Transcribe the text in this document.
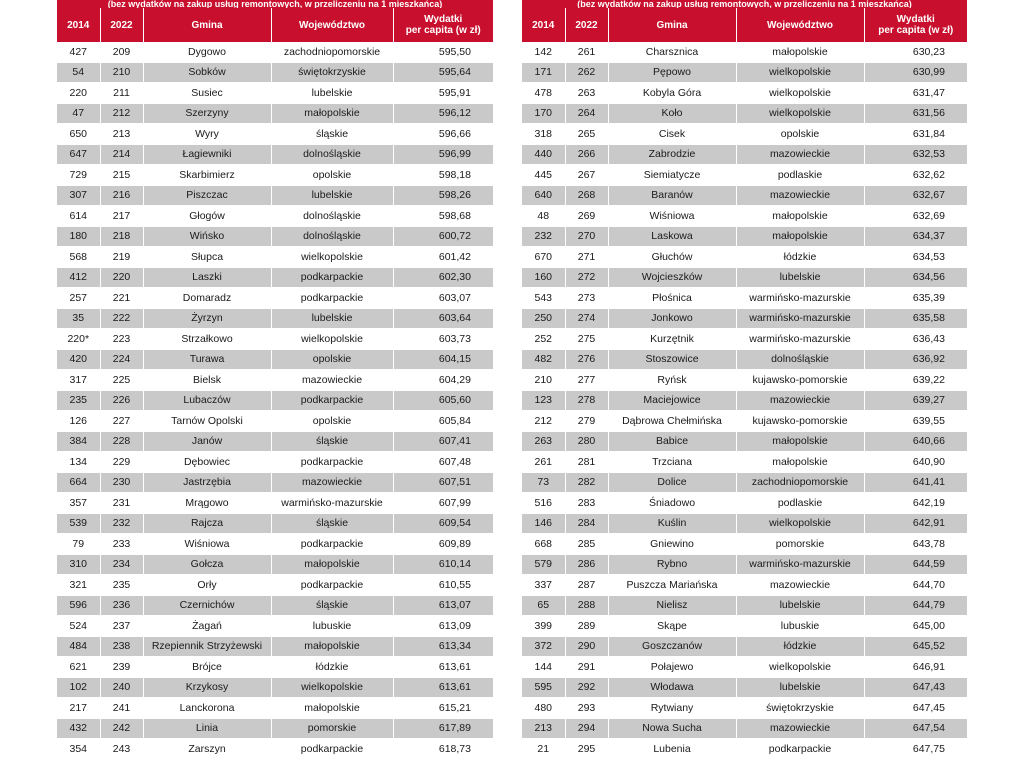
(bez wydatków na zakup usług remontowych, w przeliczeniu na 1 mieszkańca)
2014	2022	Gmina	Województwo	Wydatki
per capita (w zł)
427	209	Dygowo	zachodniopomorskie	595,50
54	210	Sobków	świętokrzyskie	595,64
220	211	Susiec	lubelskie	595,91
47	212	Szerzyny	małopolskie	596,12
650	213	Wyry	śląskie	596,66
647	214	Łagiewniki	dolnośląskie	596,99
729	215	Skarbimierz	opolskie	598,18
307	216	Piszczac	lubelskie	598,26
614	217	Głogów	dolnośląskie	598,68
180	218	Wińsko	dolnośląskie	600,72
568	219	Słupca	wielkopolskie	601,42
412	220	Laszki	podkarpackie	602,30
257	221	Domaradz	podkarpackie	603,07
35	222	Żyrzyn	lubelskie	603,64
220*	223	Strzałkowo	wielkopolskie	603,73
420	224	Turawa	opolskie	604,15
317	225	Bielsk	mazowieckie	604,29
235	226	Lubaczów	podkarpackie	605,60
126	227	Tarnów Opolski	opolskie	605,84
384	228	Janów	śląskie	607,41
134	229	Dębowiec	podkarpackie	607,48
664	230	Jastrzębia	mazowieckie	607,51
357	231	Mrągowo	warmińsko-mazurskie	607,99
539	232	Rajcza	śląskie	609,54
79	233	Wiśniowa	podkarpackie	609,89
310	234	Gołcza	małopolskie	610,14
321	235	Orły	podkarpackie	610,55
596	236	Czernichów	śląskie	613,07
524	237	Żagań	lubuskie	613,09
484	238	Rzepiennik Strzyżewski	małopolskie	613,34
621	239	Brójce	łódzkie	613,61
102	240	Krzykosy	wielkopolskie	613,61
217	241	Lanckorona	małopolskie	615,21
432	242	Linia	pomorskie	617,89
354	243	Zarszyn	podkarpackie	618,73
(bez wydatków na zakup usług remontowych, w przeliczeniu na 1 mieszkańca)
2014	2022	Gmina	Województwo	Wydatki
per capita (w zł)
142	261	Charsznica	małopolskie	630,23
171	262	Pępowo	wielkopolskie	630,99
478	263	Kobyla Góra	wielkopolskie	631,47
170	264	Koło	wielkopolskie	631,56
318	265	Cisek	opolskie	631,84
440	266	Zabrodzie	mazowieckie	632,53
445	267	Siemiatycze	podlaskie	632,62
640	268	Baranów	mazowieckie	632,67
48	269	Wiśniowa	małopolskie	632,69
232	270	Laskowa	małopolskie	634,37
670	271	Głuchów	łódzkie	634,53
160	272	Wojcieszków	lubelskie	634,56
543	273	Płośnica	warmińsko-mazurskie	635,39
250	274	Jonkowo	warmińsko-mazurskie	635,58
252	275	Kurzętnik	warmińsko-mazurskie	636,43
482	276	Stoszowice	dolnośląskie	636,92
210	277	Ryńsk	kujawsko-pomorskie	639,22
123	278	Maciejowice	mazowieckie	639,27
212	279	Dąbrowa Chełmińska	kujawsko-pomorskie	639,55
263	280	Babice	małopolskie	640,66
261	281	Trzciana	małopolskie	640,90
73	282	Dolice	zachodniopomorskie	641,41
516	283	Śniadowo	podlaskie	642,19
146	284	Kuślin	wielkopolskie	642,91
668	285	Gniewino	pomorskie	643,78
579	286	Rybno	warmińsko-mazurskie	644,59
337	287	Puszcza Mariańska	mazowieckie	644,70
65	288	Nielisz	lubelskie	644,79
399	289	Skąpe	lubuskie	645,00
372	290	Goszczanów	łódzkie	645,52
144	291	Połajewo	wielkopolskie	646,91
595	292	Włodawa	lubelskie	647,43
480	293	Rytwiany	świętokrzyskie	647,45
213	294	Nowa Sucha	mazowieckie	647,54
21	295	Lubenia	podkarpackie	647,75
